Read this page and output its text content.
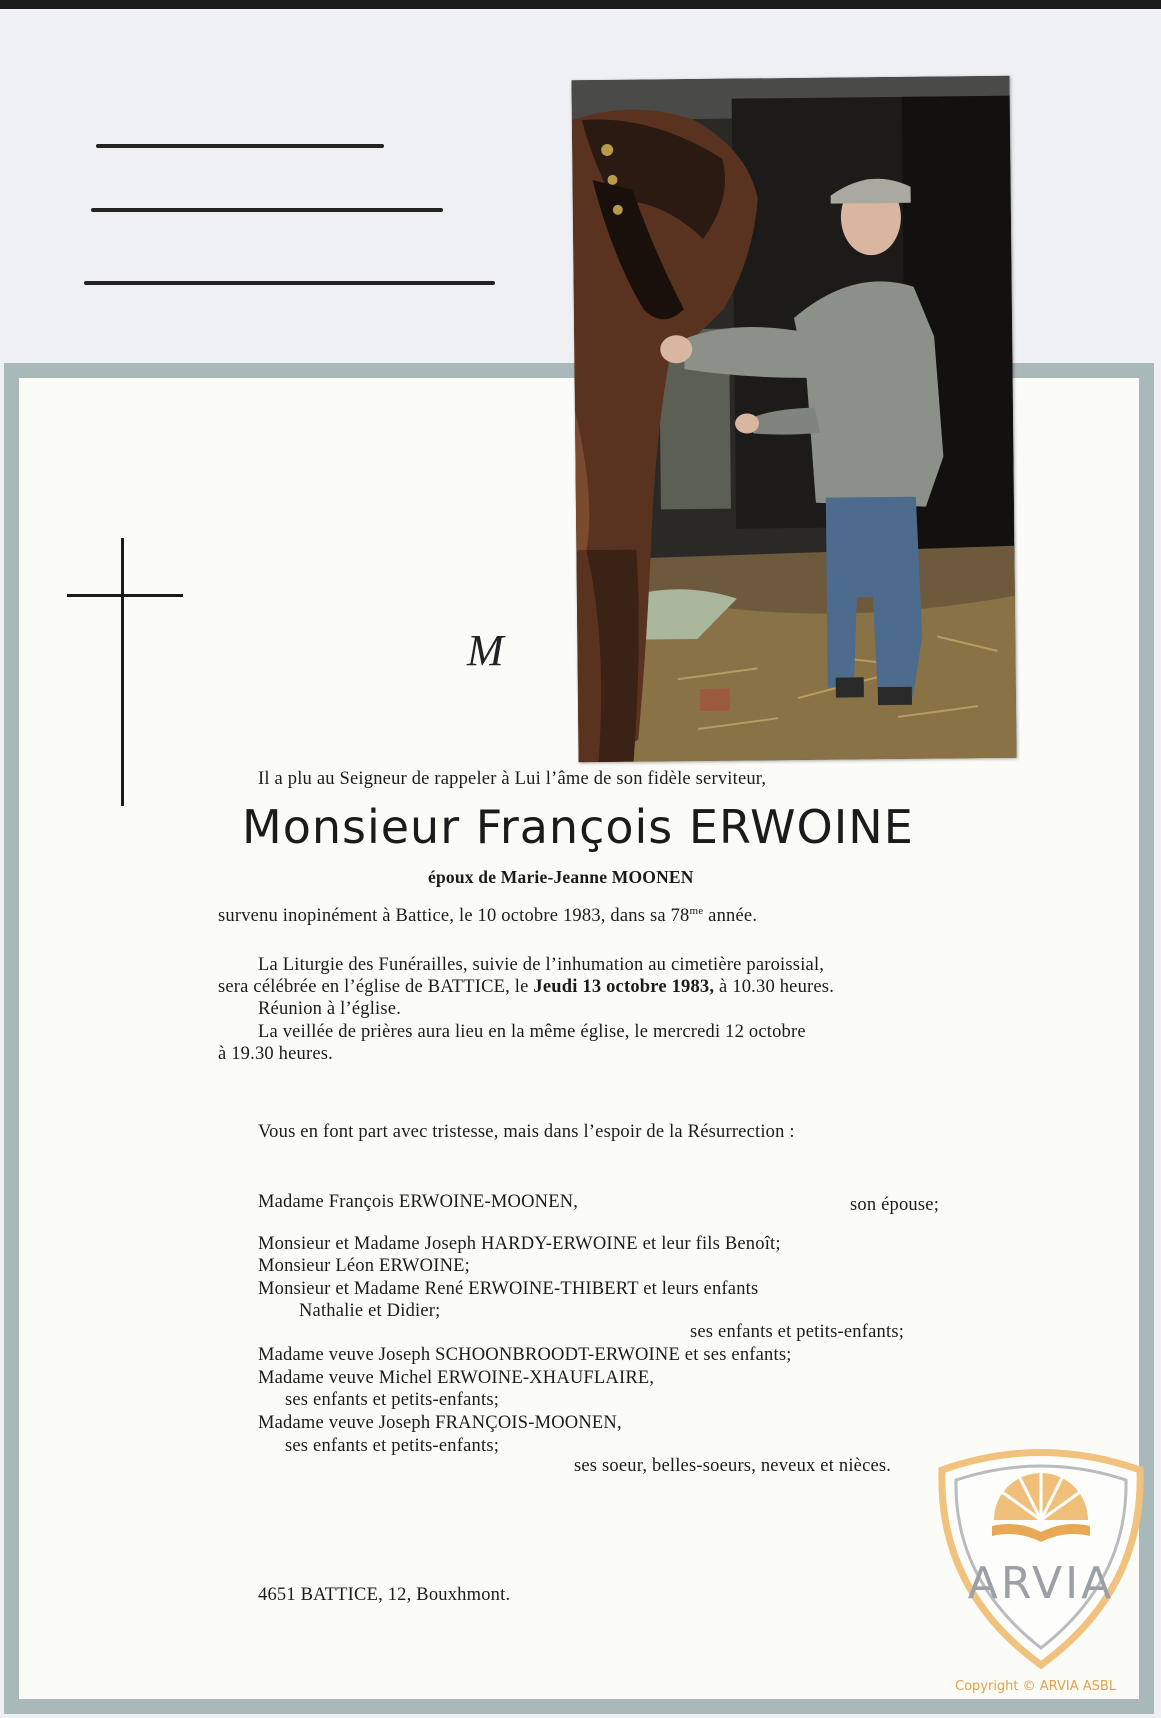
M
Il a plu au Seigneur de rappeler à Lui l’âme de son fidèle serviteur,
Monsieur François ERWOINE
époux de Marie-Jeanne MOONEN
survenu inopinément à Battice, le 10 octobre 1983, dans sa $78^{me}$ année.
La Liturgie des Funérailles, suivie de l’inhumation au cimetière paroissial,
sera célébrée en l’église de BATTICE, le Jeudi 13 octobre 1983, à 10.30 heures.
Réunion à l’église.
La veillée de prières aura lieu en la même église, le mercredi 12 octobre
à 19.30 heures.
Vous en font part avec tristesse, mais dans l’espoir de la Résurrection :
Madame François ERWOINE-MOONEN,	son épouse;
Monsieur et Madame Joseph HARDY-ERWOINE et leur fils Benoît;
Monsieur Léon ERWOINE;
Monsieur et Madame René ERWOINE-THIBERT et leurs enfants
Nathalie et Didier;
ses enfants et petits-enfants;
Madame veuve Joseph SCHOONBROODT-ERWOINE et ses enfants;
Madame veuve Michel ERWOINE-XHAUFLAIRE,
ses enfants et petits-enfants;
Madame veuve Joseph FRANÇOIS-MOONEN,
ses enfants et petits-enfants;
ses soeur, belles-soeurs, neveux et nièces.
4651 BATTICE, 12, Bouxhmont.	ARVIA
Copyright © ARVIA ASBL
